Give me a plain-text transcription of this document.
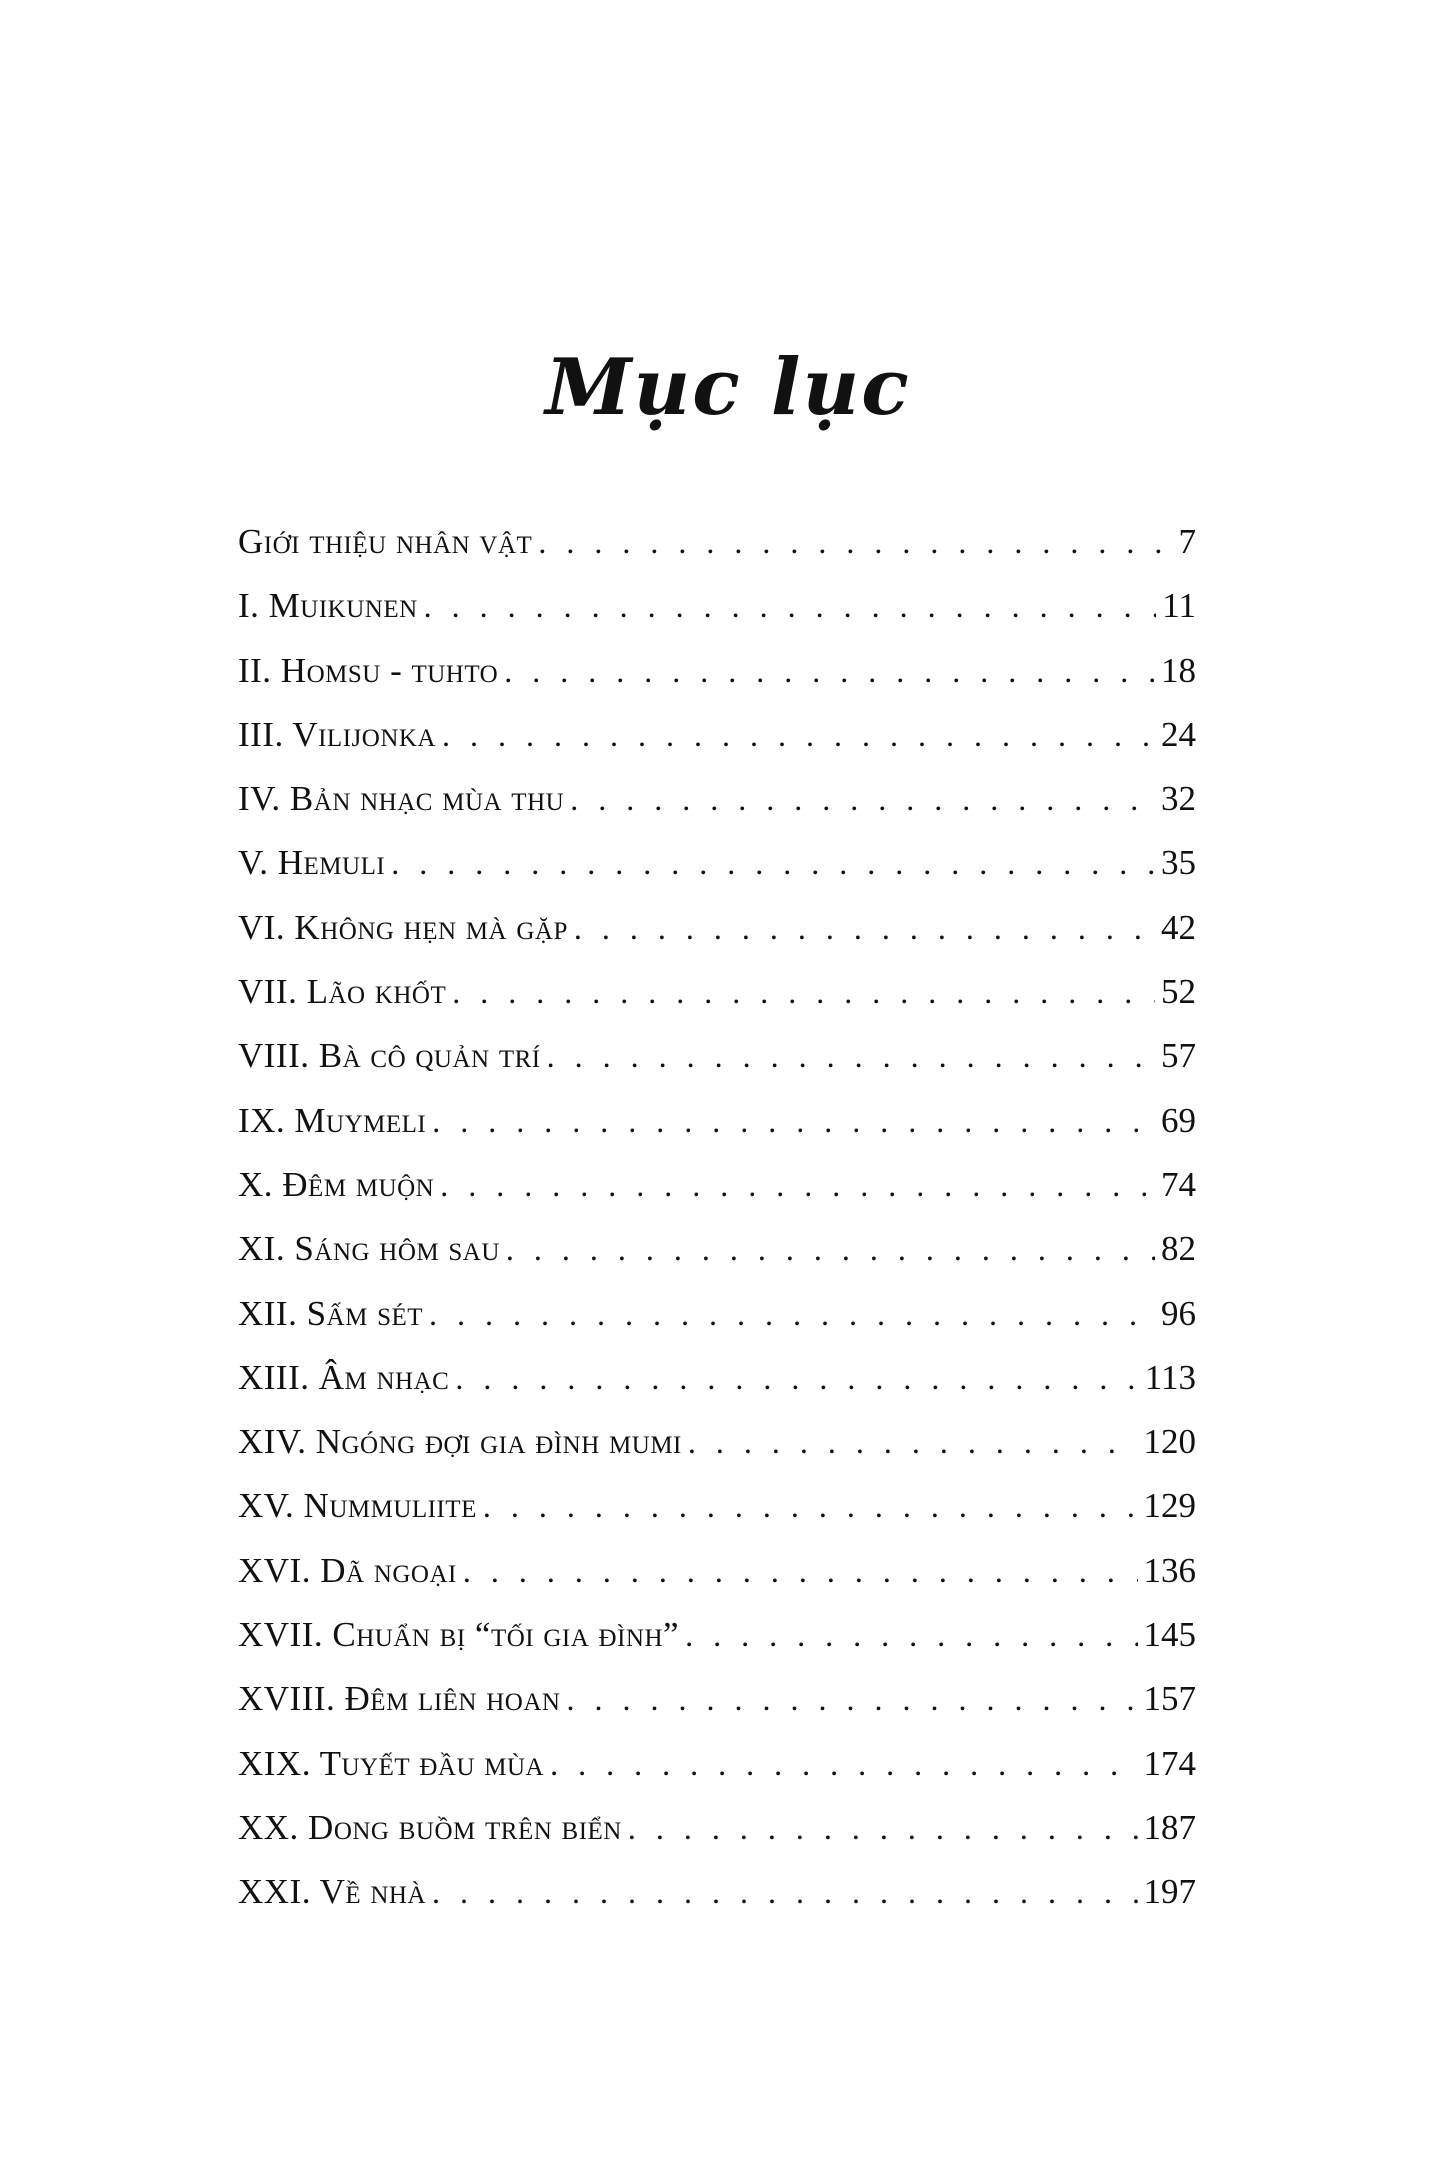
Mục lục
Giới thiệu nhân vật . . .	7
I. Muikunen . . .	11
II. Homsu - tuhto . . .	18
III. Vilijonka . . .	24
IV. Bản nhạc mùa thu . . .	32
V. Hemuli . . .	35
VI. Không hẹn mà gặp . . .	42
VII. Lão khốt . . .	52
VIII. Bà cô quản trí . . .	57
IX. Muymeli . . .	69
X. Đêm muộn . . .	74
XI. Sáng hôm sau . . .	82
XII. Sấm sét . . .	96
XIII. Âm nhạc . . .	113
XIV. Ngóng đợi gia đình mumi . . .	120
XV. Nummuliite . . .	129
XVI. Dã ngoại . . .	136
XVII. Chuẩn bị “tối gia đình” . . .	145
XVIII. Đêm liên hoan . . .	157
XIX. Tuyết đầu mùa . . .	174
XX. Dong buồm trên biển . . .	187
XXI. Về nhà . . .	197
